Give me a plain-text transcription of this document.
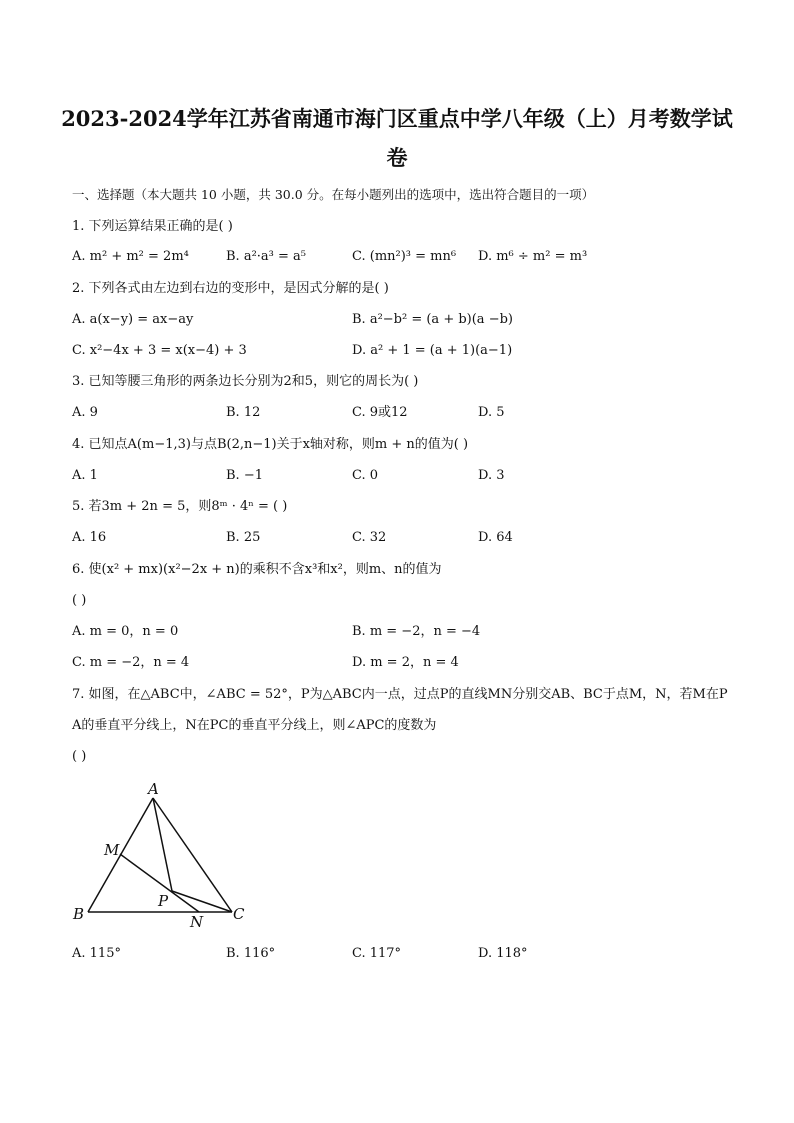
2023-2024学年江苏省南通市海门区重点中学八年级（上）月考数学试
卷
一、选择题（本大题共 10 小题，共 30.0 分。在每小题列出的选项中，选出符合题目的一项）
1. 下列运算结果正确的是( )
A. m² + m² = 2m⁴	B. a²·a³ = a⁵	C. (mn²)³ = mn⁶ D. m⁶ ÷ m² = m³
2. 下列各式由左边到右边的变形中，是因式分解的是( )
A. a(x−y) = ax−ay	B. a²−b² = (a + b)(a −b)
C. x²−4x + 3 = x(x−4) + 3	D. a² + 1 = (a + 1)(a−1)
3. 已知等腰三角形的两条边长分别为2和5，则它的周长为( )
A. 9	B. 12	C. 9或12	D. 5
4. 已知点A(m−1,3)与点B(2,n−1)关于x轴对称，则m + n的值为( )
A. 1	B. −1	C. 0	D. 3
5. 若3m + 2n = 5，则8ᵐ · 4ⁿ = ( )
A. 16	B. 25	C. 32	D. 64
6. 使(x² + mx)(x²−2x + n)的乘积不含x³和x²，则m、n的值为
( )
A. m = 0，n = 0	B. m = −2，n = −4
C. m = −2，n = 4	D. m = 2，n = 4
7. 如图，在△ABC中，∠ABC = 52°，P为△ABC内一点，过点P的直线MN分别交AB、BC于点M，N，若M在P
A的垂直平分线上，N在PC的垂直平分线上，则∠APC的度数为
( )
A
B	C
M
N
P
A. 115°	B. 116°	C. 117°	D. 118°
